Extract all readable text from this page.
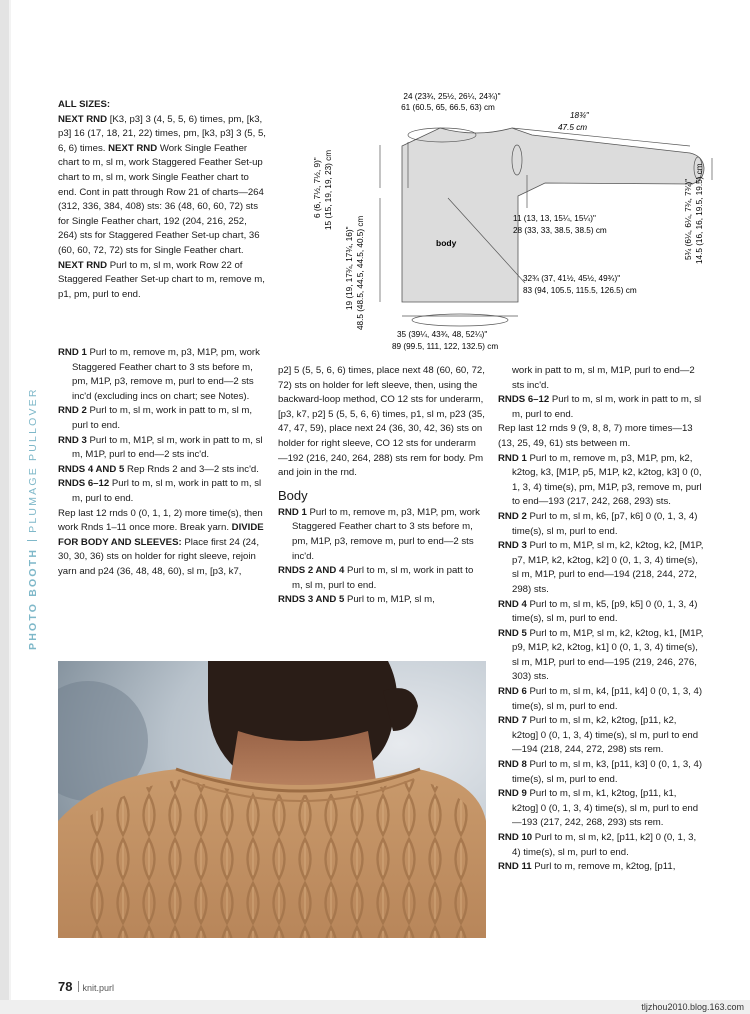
PHOTO BOOTHPLUMAGE PULLOVER
24 (23¾, 25½, 26¼, 24¾)"
61 (60.5, 65, 66.5, 63) cm
18¾"
47.5 cm
6 (6, 7½, 7½, 9)" 15 (15, 19, 19, 23) cm
19 (19, 17¾, 17¾, 16)" 48.5 (48.5, 44.5, 44.5, 40.5) cm	11 (13, 13, 15¼, 15¼)"
28 (33, 33, 38.5, 38.5) cm	5¾ (6¼, 6¼, 7¾, 7¾)" 14.5 (16, 16, 19.5, 19.5) cm
32¾ (37, 41½, 45½, 49¾)"
83 (94, 105.5, 115.5, 126.5) cm
35 (39¼, 43¾, 48, 52¼)"
89 (99.5, 111, 122, 132.5) cm
body

ALL SIZES:

NEXT RND [K3, p3] 3 (4, 5, 5, 6) times, pm, [k3, p3] 16 (17, 18, 21, 22) times, pm, [k3, p3] 3 (5, 5, 6, 6) times. NEXT RND Work Single Feather chart to m, sl m, work Staggered Feather Set-up chart to m, sl m, work Single Feather chart to end. Cont in patt through Row 21 of charts—264 (312, 336, 384, 408) sts: 36 (48, 60, 60, 72) sts for Single Feather chart, 192 (204, 216, 252, 264) sts for Staggered Feather Set-up chart, 36 (60, 60, 72, 72) sts for Single Feather chart.

NEXT RND Purl to m, sl m, work Row 22 of Staggered Feather Set-up chart to m, remove m, p1, pm, purl to end.

RND 1 Purl to m, remove m, p3, M1P, pm, work Staggered Feather chart to 3 sts before m, pm, M1P, p3, remove m, purl to end—2 sts inc'd (excluding incs on chart; see Notes).

RND 2 Purl to m, sl m, work in patt to m, sl m, purl to end.

RND 3 Purl to m, M1P, sl m, work in patt to m, sl m, M1P, purl to end—2 sts inc'd.

RNDS 4 AND 5 Rep Rnds 2 and 3—2 sts inc'd.

RNDS 6–12 Purl to m, sl m, work in patt to m, sl m, purl to end.

Rep last 12 rnds 0 (0, 1, 1, 2) more time(s), then work Rnds 1–11 once more. Break yarn. DIVIDE FOR BODY AND SLEEVES: Place first 24 (24, 30, 30, 36) sts on holder for right sleeve, rejoin yarn and p24 (36, 48, 48, 60), sl m, [p3, k7,

p2] 5 (5, 5, 6, 6) times, place next 48 (60, 60, 72, 72) sts on holder for left sleeve, then, using the backward-loop method, CO 12 sts for underarm, [p3, k7, p2] 5 (5, 5, 6, 6) times, p1, sl m, p23 (35, 47, 47, 59), place next 24 (36, 30, 42, 36) sts on holder for right sleeve, CO 12 sts for underarm—192 (216, 240, 264, 288) sts rem for body. Pm and join in the rnd.

Body

RND 1 Purl to m, remove m, p3, M1P, pm, work Staggered Feather chart to 3 sts before m, pm, M1P, p3, remove m, purl to end—2 sts inc'd.

RNDS 2 AND 4 Purl to m, sl m, work in patt to m, sl m, purl to end.

RNDS 3 AND 5 Purl to m, M1P, sl m,

work in patt to m, sl m, M1P, purl to end—2 sts inc'd.

RNDS 6–12 Purl to m, sl m, work in patt to m, sl m, purl to end.

Rep last 12 rnds 9 (9, 8, 8, 7) more times—13 (13, 25, 49, 61) sts between m.

RND 1 Purl to m, remove m, p3, M1P, pm, k2, k2tog, k3, [M1P, p5, M1P, k2, k2tog, k3] 0 (0, 1, 3, 4) time(s), pm, M1P, p3, remove m, purl to end—193 (217, 242, 268, 293) sts.

RND 2 Purl to m, sl m, k6, [p7, k6] 0 (0, 1, 3, 4) time(s), sl m, purl to end.

RND 3 Purl to m, M1P, sl m, k2, k2tog, k2, [M1P, p7, M1P, k2, k2tog, k2] 0 (0, 1, 3, 4) time(s), sl m, M1P, purl to end—194 (218, 244, 272, 298) sts.

RND 4 Purl to m, sl m, k5, [p9, k5] 0 (0, 1, 3, 4) time(s), sl m, purl to end.

RND 5 Purl to m, M1P, sl m, k2, k2tog, k1, [M1P, p9, M1P, k2, k2tog, k1] 0 (0, 1, 3, 4) time(s), sl m, M1P, purl to end—195 (219, 246, 276, 303) sts.

RND 6 Purl to m, sl m, k4, [p11, k4] 0 (0, 1, 3, 4) time(s), sl m, purl to end.

RND 7 Purl to m, sl m, k2, k2tog, [p11, k2, k2tog] 0 (0, 1, 3, 4) time(s), sl m, purl to end—194 (218, 244, 272, 298) sts rem.

RND 8 Purl to m, sl m, k3, [p11, k3] 0 (0, 1, 3, 4) time(s), sl m, purl to end.

RND 9 Purl to m, sl m, k1, k2tog, [p11, k1, k2tog] 0 (0, 1, 3, 4) time(s), sl m, purl to end—193 (217, 242, 268, 293) sts rem.

RND 10 Purl to m, sl m, k2, [p11, k2] 0 (0, 1, 3, 4) time(s), sl m, purl to end.

RND 11 Purl to m, remove m, k2tog, [p11,

78 knit.purl
tljzhou2010.blog.163.com
